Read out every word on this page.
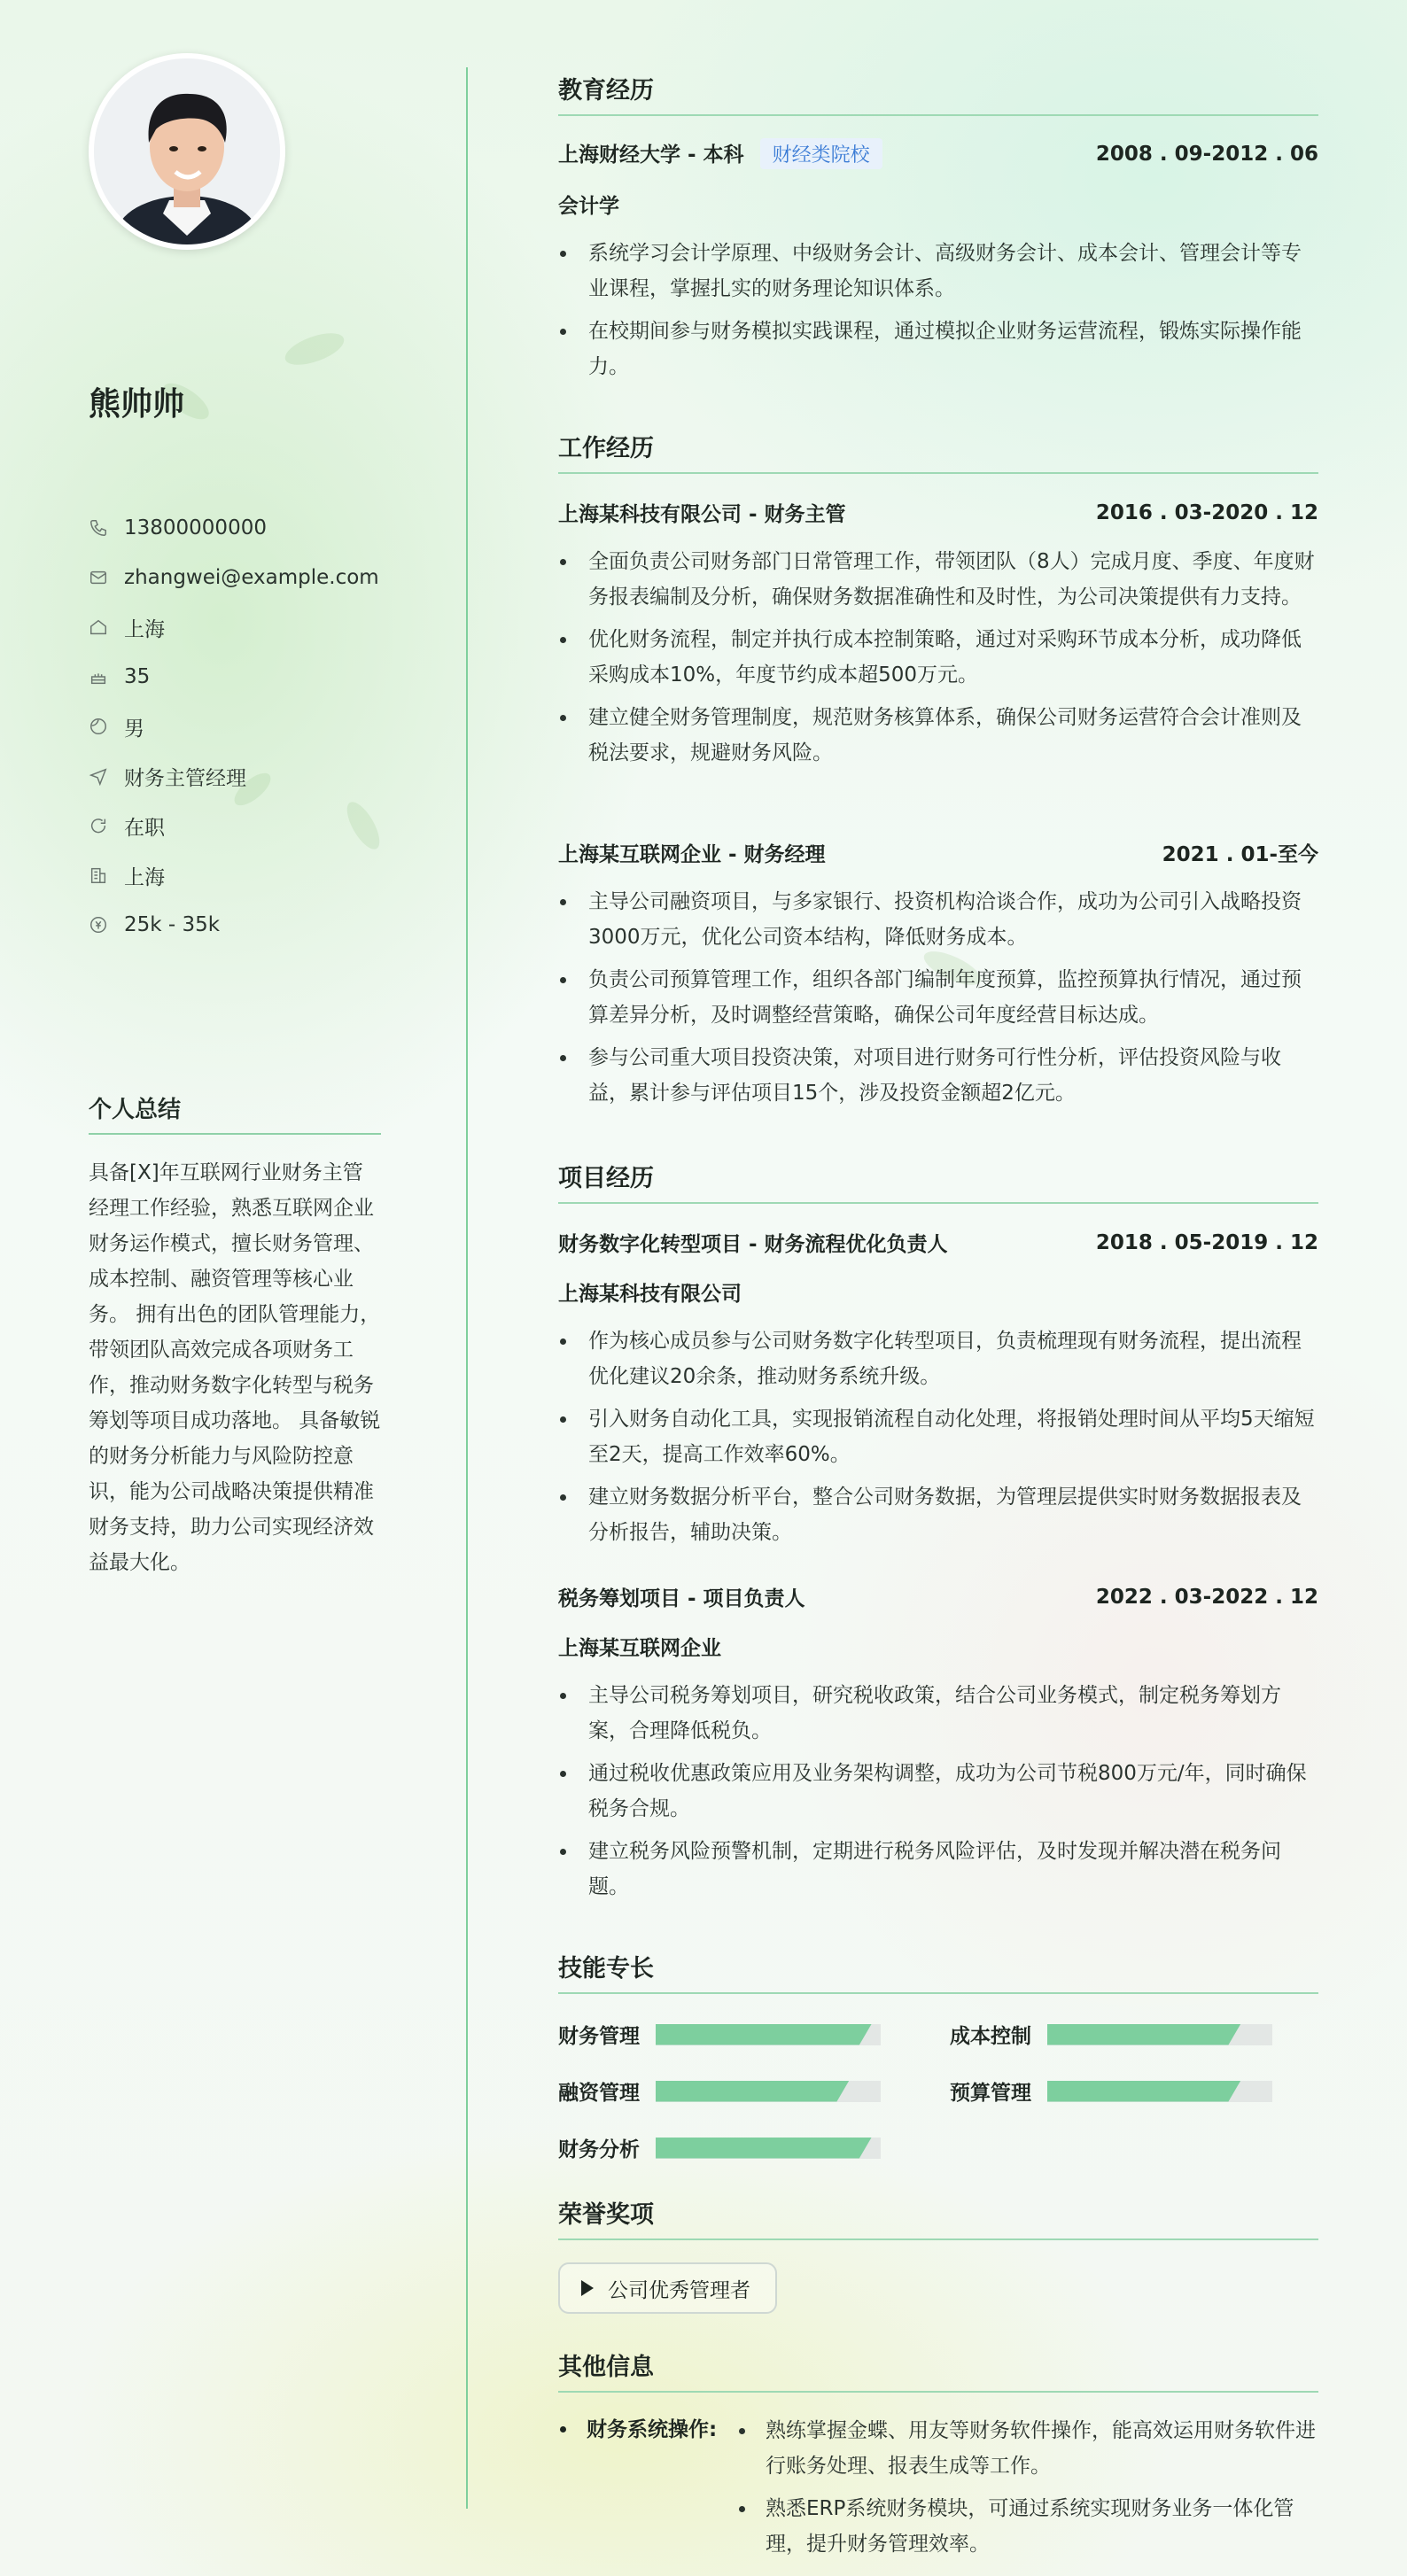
熊帅帅
13800000000
zhangwei@example.com
上海
35
男
财务主管经理
在职
上海
25k - 35k
个人总结
具备[X]年互联网行业财务主管经理工作经验，熟悉互联网企业财务运作模式，擅长财务管理、成本控制、融资管理等核心业务。 拥有出色的团队管理能力，带领团队高效完成各项财务工作，推动财务数字化转型与税务筹划等项目成功落地。 具备敏锐的财务分析能力与风险防控意识，能为公司战略决策提供精准财务支持，助力公司实现经济效益最大化。
教育经历
上海财经大学 - 本科 财经类院校	2008 . 09-2012 . 06
会计学
系统学习会计学原理、中级财务会计、高级财务会计、成本会计、管理会计等专业课程，掌握扎实的财务理论知识体系。
在校期间参与财务模拟实践课程，通过模拟企业财务运营流程，锻炼实际操作能力。
工作经历
上海某科技有限公司 - 财务主管	2016 . 03-2020 . 12
全面负责公司财务部门日常管理工作，带领团队（8人）完成月度、季度、年度财务报表编制及分析，确保财务数据准确性和及时性，为公司决策提供有力支持。
优化财务流程，制定并执行成本控制策略，通过对采购环节成本分析，成功降低采购成本10%，年度节约成本超500万元。
建立健全财务管理制度，规范财务核算体系，确保公司财务运营符合会计准则及税法要求，规避财务风险。
上海某互联网企业 - 财务经理	2021 . 01-至今
主导公司融资项目，与多家银行、投资机构洽谈合作，成功为公司引入战略投资3000万元，优化公司资本结构，降低财务成本。
负责公司预算管理工作，组织各部门编制年度预算，监控预算执行情况，通过预算差异分析，及时调整经营策略，确保公司年度经营目标达成。
参与公司重大项目投资决策，对项目进行财务可行性分析，评估投资风险与收益，累计参与评估项目15个，涉及投资金额超2亿元。
项目经历
财务数字化转型项目 - 财务流程优化负责人	2018 . 05-2019 . 12
上海某科技有限公司
作为核心成员参与公司财务数字化转型项目，负责梳理现有财务流程，提出流程优化建议20余条，推动财务系统升级。
引入财务自动化工具，实现报销流程自动化处理，将报销处理时间从平均5天缩短至2天，提高工作效率60%。
建立财务数据分析平台，整合公司财务数据，为管理层提供实时财务数据报表及分析报告，辅助决策。
税务筹划项目 - 项目负责人	2022 . 03-2022 . 12
上海某互联网企业
主导公司税务筹划项目，研究税收政策，结合公司业务模式，制定税务筹划方案，合理降低税负。
通过税收优惠政策应用及业务架构调整，成功为公司节税800万元/年，同时确保税务合规。
建立税务风险预警机制，定期进行税务风险评估，及时发现并解决潜在税务问题。
技能专长
财务管理	成本控制
融资管理	预算管理
财务分析
荣誉奖项
公司优秀管理者
其他信息
财务系统操作:	熟练掌握金蝶、用友等财务软件操作，能高效运用财务软件进行账务处理、报表生成等工作。
熟悉ERP系统财务模块，可通过系统实现财务业务一体化管理，提升财务管理效率。
